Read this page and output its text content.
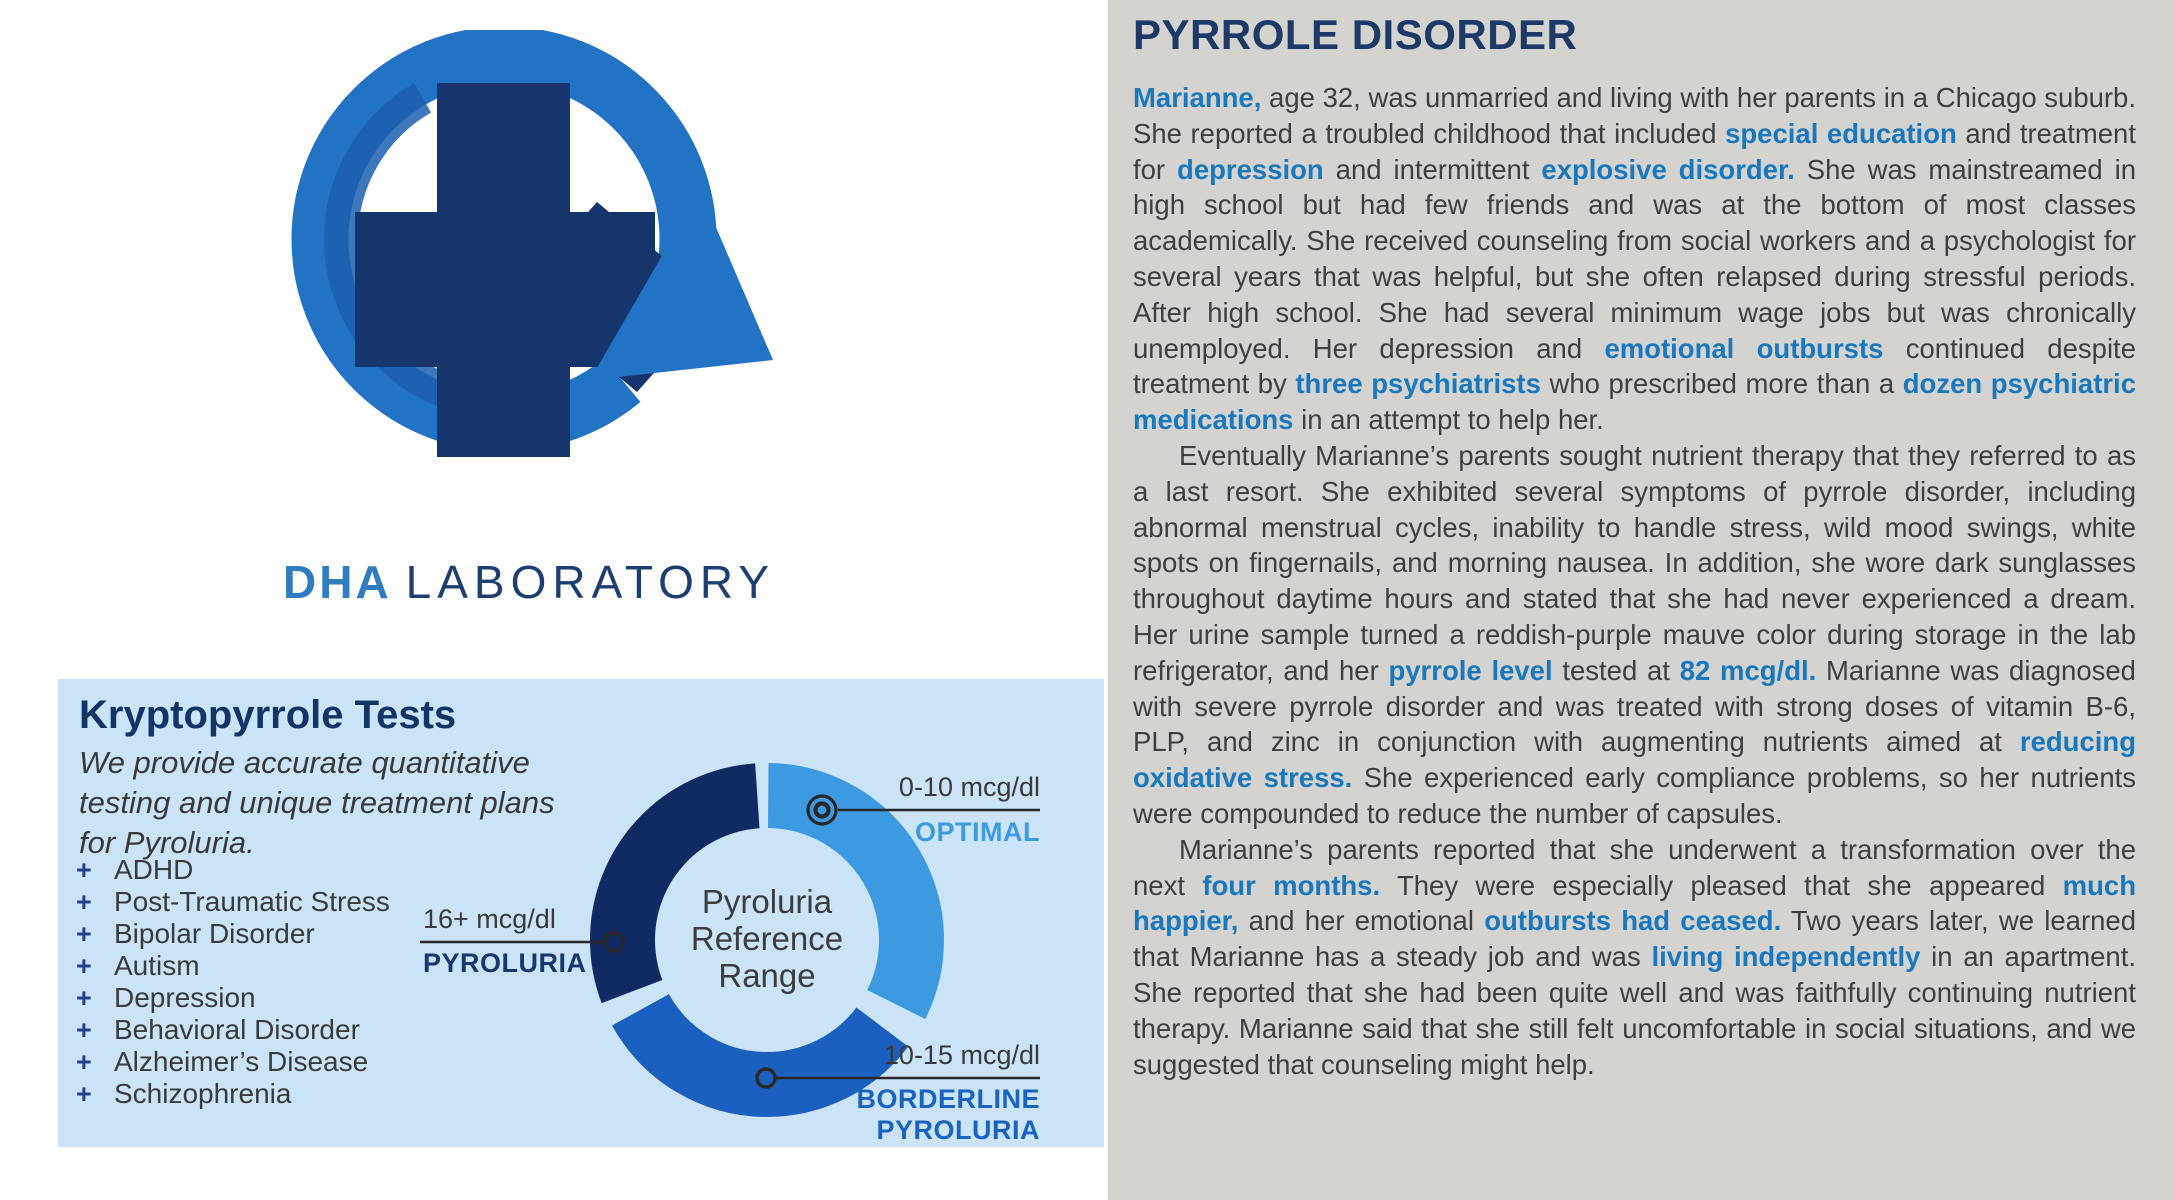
DHA LABORATORY
Kryptopyrrole Tests
We provide accurate quantitative
testing and unique treatment plans
for Pyroluria.
+ ADHD
+ Post-Traumatic Stress
+ Bipolar Disorder
+ Autism
+ Depression
+ Behavioral Disorder
+ Alzheimer’s Disease
+ Schizophrenia
Pyroluria
Reference
Range
0-10 mcg/dl
OPTIMAL
10-15 mcg/dl
BORDERLINE
PYROLURIA
16+ mcg/dl
PYROLURIA
PYRROLE DISORDER

Marianne, age 32, was unmarried and living with her parents in a Chicago suburb. She reported a troubled childhood that included special education and treatment for depression and intermittent explosive disorder. She was mainstreamed in high school but had few friends and was at the bottom of most classes academically. She received counseling from social workers and a psychologist for several years that was helpful, but she often relapsed during stressful periods. After high school. She had several minimum wage jobs but was chronically unemployed. Her depression and emotional outbursts continued despite treatment by three psychiatrists who prescribed more than a dozen psychiatric medications in an attempt to help her.

Eventually Marianne’s parents sought nutrient therapy that they referred to as a last resort. She exhibited several symptoms of pyrrole disorder, including abnormal menstrual cycles, inability to handle stress, wild mood swings, white spots on fingernails, and morning nausea. In addition, she wore dark sunglasses throughout daytime hours and stated that she had never experienced a dream. Her urine sample turned a reddish-purple mauve color during storage in the lab refrigerator, and her pyrrole level tested at 82 mcg/dl. Marianne was diagnosed with severe pyrrole disorder and was treated with strong doses of vitamin B-6, PLP, and zinc in conjunction with augmenting nutrients aimed at reducing oxidative stress. She experienced early compliance problems, so her nutrients were compounded to reduce the number of capsules.

Marianne’s parents reported that she underwent a transformation over the next four months. They were especially pleased that she appeared much happier, and her emotional outbursts had ceased. Two years later, we learned that Marianne has a steady job and was living independently in an apartment. She reported that she had been quite well and was faithfully continuing nutrient therapy. Marianne said that she still felt uncomfortable in social situations, and we suggested that counseling might help.
